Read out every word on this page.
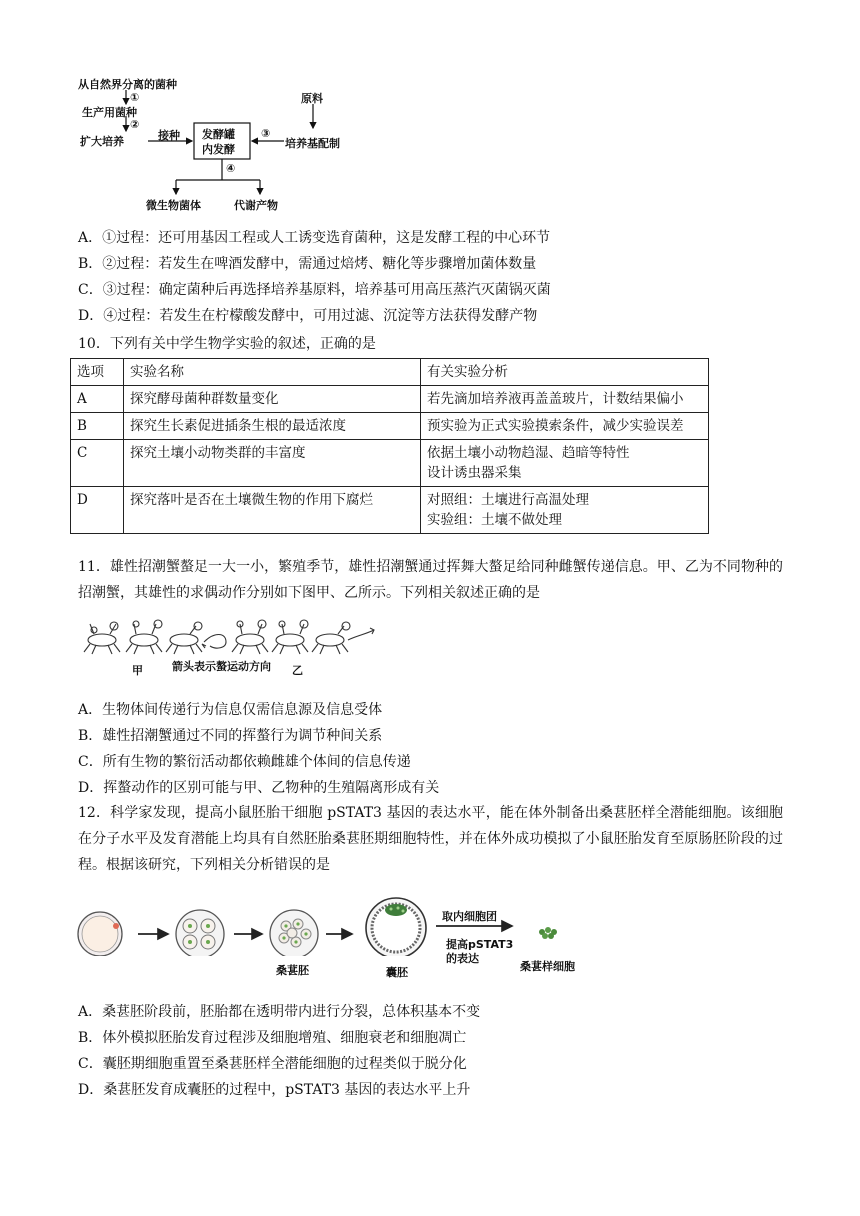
从自然界分离的菌种
①
生产用菌种
②
扩大培养	接种 发酵罐
内发酵
③
原料
培养基配制
④
微生物菌体	代谢产物
A．①过程：还可用基因工程或人工诱变选育菌种，这是发酵工程的中心环节
B．②过程：若发生在啤酒发酵中，需通过焙烤、糖化等步骤增加菌体数量
C．③过程：确定菌种后再选择培养基原料，培养基可用高压蒸汽灭菌锅灭菌
D．④过程：若发生在柠檬酸发酵中，可用过滤、沉淀等方法获得发酵产物
10．下列有关中学生物学实验的叙述，正确的是
选项	实验名称	有关实验分析
A	探究酵母菌种群数量变化	若先滴加培养液再盖盖玻片，计数结果偏小
B	探究生长素促进插条生根的最适浓度	预实验为正式实验摸索条件，减少实验误差
C	探究土壤小动物类群的丰富度	依据土壤小动物趋湿、趋暗等特性
设计诱虫器采集

D	探究落叶是否在土壤微生物的作用下腐烂	对照组：土壤进行高温处理
实验组：土壤不做处理
11．雄性招潮蟹螯足一大一小，繁殖季节，雄性招潮蟹通过挥舞大螯足给同种雌蟹传递信息。甲、乙为不同物种的招潮蟹，其雄性的求偶动作分别如下图甲、乙所示。下列相关叙述正确的是
甲	箭头表示螯运动方向 乙
A．生物体间传递行为信息仅需信息源及信息受体
B．雄性招潮蟹通过不同的挥螯行为调节种间关系
C．所有生物的繁衍活动都依赖雌雄个体间的信息传递
D．挥螯动作的区别可能与甲、乙物种的生殖隔离形成有关
12．科学家发现，提高小鼠胚胎干细胞 pSTAT3 基因的表达水平，能在体外制备出桑葚胚样全潜能细胞。该细胞在分子水平及发育潜能上均具有自然胚胎桑葚胚期细胞特性，并在体外成功模拟了小鼠胚胎发育至原肠胚阶段的过程。根据该研究，下列相关分析错误的是
取内细胞团
提高pSTAT3
的表达
桑葚胚	囊胚	桑葚样细胞
A．桑葚胚阶段前，胚胎都在透明带内进行分裂，总体积基本不变
B．体外模拟胚胎发育过程涉及细胞增殖、细胞衰老和细胞凋亡
C．囊胚期细胞重置至桑葚胚样全潜能细胞的过程类似于脱分化
D．桑葚胚发育成囊胚的过程中，pSTAT3 基因的表达水平上升
